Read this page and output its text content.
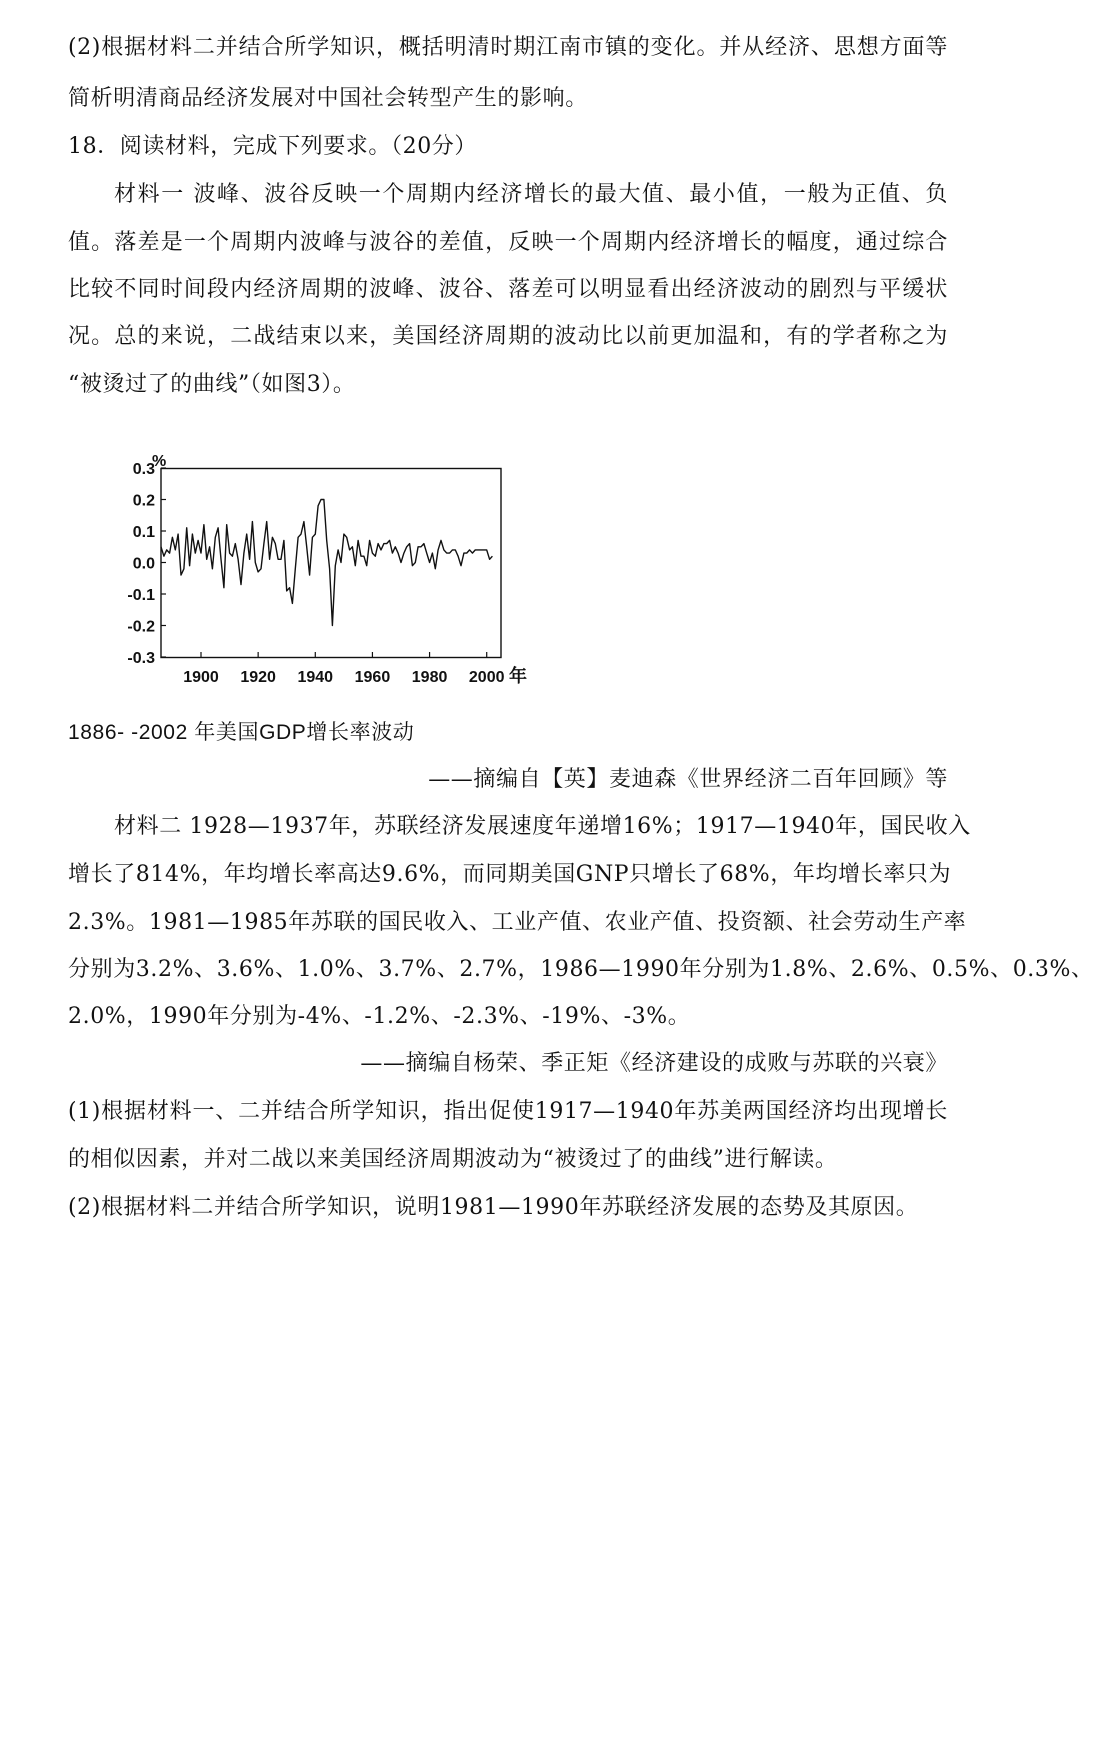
(2)根据材料二并结合所学知识，概括明清时期江南市镇的变化。并从经济、思想方面等
简析明清商品经济发展对中国社会转型产生的影响。
18．阅读材料，完成下列要求。（20分）
材料一 波峰、波谷反映一个周期内经济增长的最大值、最小值，一般为正值、负
值。落差是一个周期内波峰与波谷的差值，反映一个周期内经济增长的幅度，通过综合
比较不同时间段内经济周期的波峰、波谷、落差可以明显看出经济波动的剧烈与平缓状
况。总的来说，二战结束以来，美国经济周期的波动比以前更加温和，有的学者称之为
“被烫过了的曲线”（如图3）。
0.3
0.2
0.1
0.0
-0.1
-0.2
-0.3
1900 1920 1940 1960 1980 2000
%
年
1886- -2002 年美国GDP增长率波动
——摘编自【英】麦迪森《世界经济二百年回顾》等
材料二 1928—1937年，苏联经济发展速度年递增16%；1917—1940年，国民收入
增长了814%，年均增长率高达9.6%，而同期美国GNP只增长了68%，年均增长率只为
2.3%。1981—1985年苏联的国民收入、工业产值、农业产值、投资额、社会劳动生产率
分别为3.2%、3.6%、1.0%、3.7%、2.7%，1986—1990年分别为1.8%、2.6%、0.5%、0.3%、
2.0%，1990年分别为-4%、-1.2%、-2.3%、-19%、-3%。
——摘编自杨荣、季正矩《经济建设的成败与苏联的兴衰》
(1)根据材料一、二并结合所学知识，指出促使1917—1940年苏美两国经济均出现增长
的相似因素，并对二战以来美国经济周期波动为“被烫过了的曲线”进行解读。
(2)根据材料二并结合所学知识，说明1981—1990年苏联经济发展的态势及其原因。
